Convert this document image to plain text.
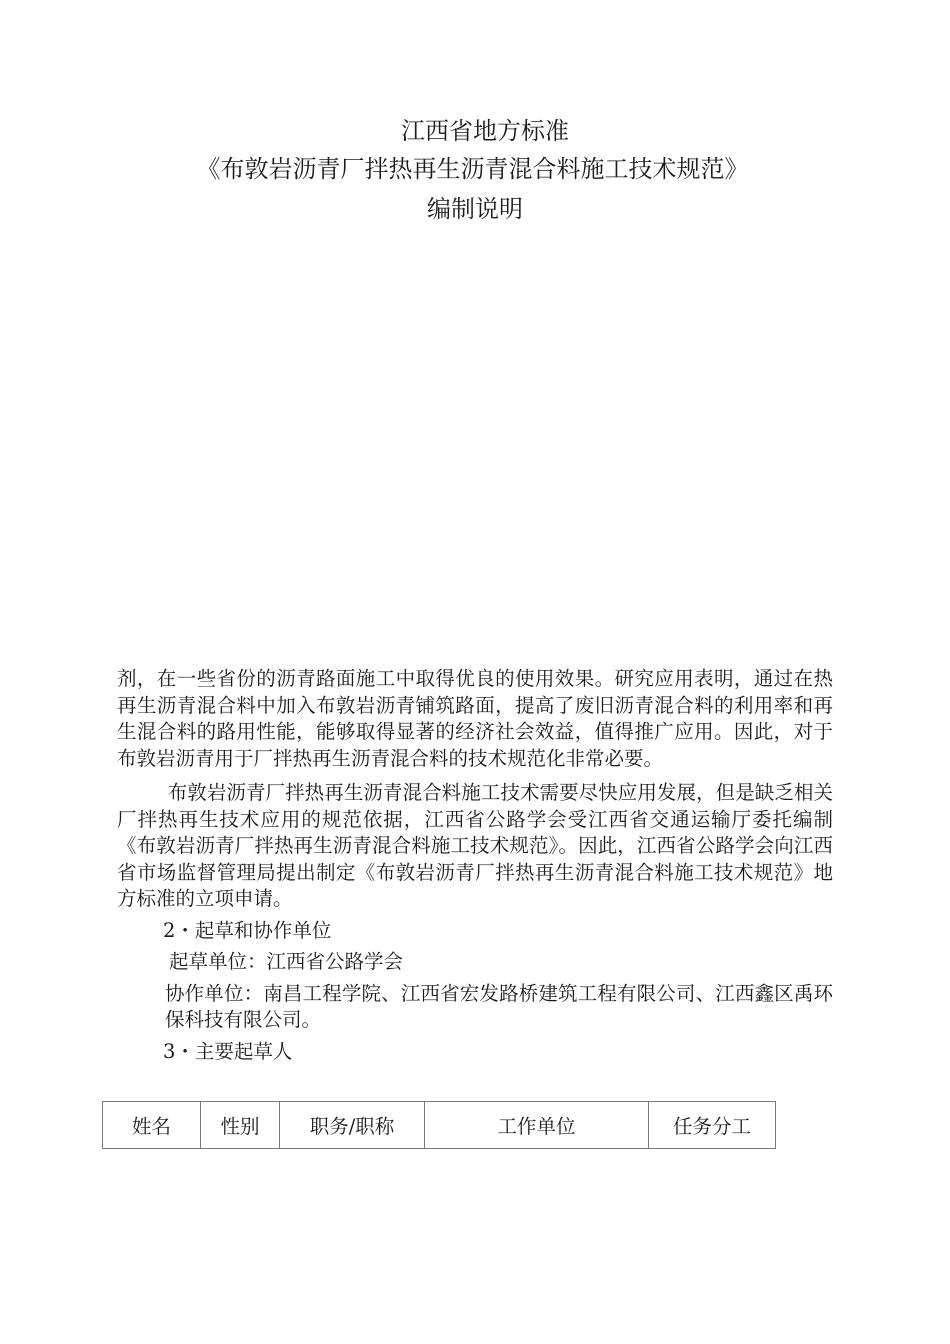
江西省地方标准
《布敦岩沥青厂拌热再生沥青混合料施工技术规范》
编制说明

剂，在一些省份的沥青路面施工中取得优良的使用效果。研究应用表明，通过在热再生沥青混合料中加入布敦岩沥青铺筑路面，提高了废旧沥青混合料的利用率和再生混合料的路用性能，能够取得显著的经济社会效益，值得推广应用。因此，对于布敦岩沥青用于厂拌热再生沥青混合料的技术规范化非常必要。

布敦岩沥青厂拌热再生沥青混合料施工技术需要尽快应用发展，但是缺乏相关厂拌热再生技术应用的规范依据，江西省公路学会受江西省交通运输厅委托编制《布敦岩沥青厂拌热再生沥青混合料施工技术规范》。因此，江西省公路学会向江西省市场监督管理局提出制定《布敦岩沥青厂拌热再生沥青混合料施工技术规范》地方标准的立项申请。

2・起草和协作单位

起草单位：江西省公路学会

协作单位：南昌工程学院、江西省宏发路桥建筑工程有限公司、江西鑫区禹环保科技有限公司。

3・主要起草人

姓名	性别	职务/职称	工作单位	任务分工
